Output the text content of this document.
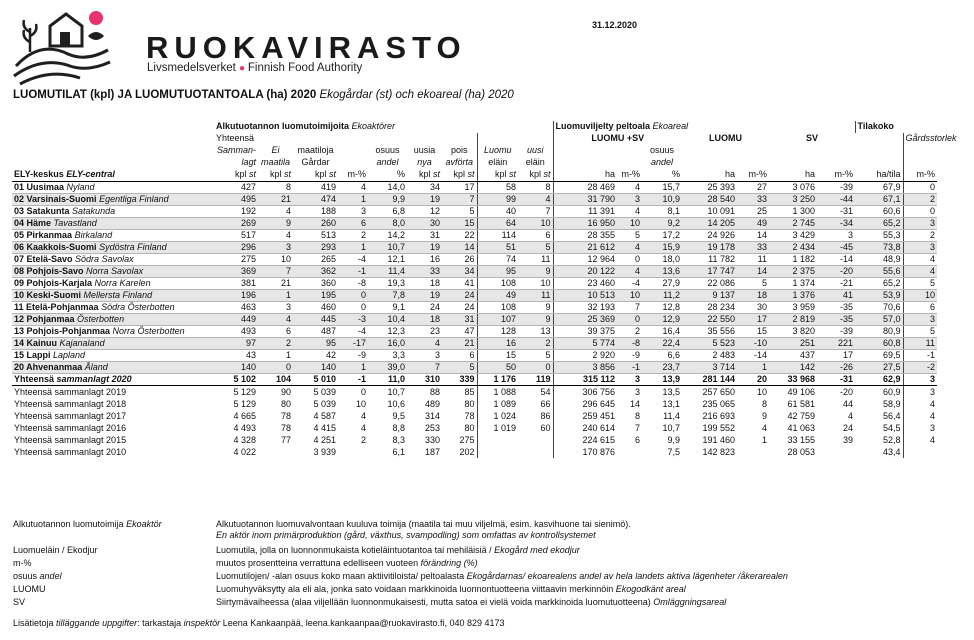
RUOKAVIRASTO
Livsmedelsverket ● Finnish Food Authority
31.12.2020
LUOMUTILAT (kpl) JA LUOMUTUOTANTOALA (ha) 2020 Ekogårdar (st) och ekoareal (ha) 2020
	Alkutuotannon luomutoimijoita Ekoaktörer									Luomuviljelty peltoala Ekoareal							Tilakoko		
	Yhteensä									LUOMU +SV			LUOMU		SV			Gårdsstorlek	
	Samman-	Ei	maatiloja		osuus	uusia	pois	Luomu	uusi			osuus							
	lagt	maatila	Gårdar		andel	nya	avförta	eläin	eläin			andel							
ELY-keskus ELY-central	kpl st	kpl st	kpl st	m-%	%	kpl st	kpl st	kpl st	kpl st	ha	m-%	%	ha	m-%	ha	m-%	ha/tila	m-%	
01 Uusimaa Nyland	427	8	419	4	14,0	34	17	58	8	28 469	4	15,7	25 393	27	3 076	-39	67,9	0	
02 Varsinais-Suomi Egentliga Finland	495	21	474	1	9,9	19	7	99	4	31 790	3	10,9	28 540	33	3 250	-44	67,1	2	
03 Satakunta Satakunda	192	4	188	3	6,8	12	5	40	7	11 391	4	8,1	10 091	25	1 300	-31	60,6	0	
04 Häme Tavastland	269	9	260	6	8,0	30	15	64	10	16 950	10	9,2	14 205	49	2 745	-34	65,2	3	
05 Pirkanmaa Birkaland	517	4	513	2	14,2	31	22	114	6	28 355	5	17,2	24 926	14	3 429	3	55,3	2	
06 Kaakkois-Suomi Sydöstra Finland	296	3	293	1	10,7	19	14	51	5	21 612	4	15,9	19 178	33	2 434	-45	73,8	3	
07 Etelä-Savo Södra Savolax	275	10	265	-4	12,1	16	26	74	11	12 964	0	18,0	11 782	11	1 182	-14	48,9	4	
08 Pohjois-Savo Norra Savolax	369	7	362	-1	11,4	33	34	95	9	20 122	4	13,6	17 747	14	2 375	-20	55,6	4	
09 Pohjois-Karjala Norra Karelen	381	21	360	-8	19,3	18	41	108	10	23 460	-4	27,9	22 086	5	1 374	-21	65,2	5	
10 Keski-Suomi Mellersta Finland	196	1	195	0	7,8	19	24	49	11	10 513	10	11,2	9 137	18	1 376	41	53,9	10	
11 Etelä-Pohjanmaa Södra Österbotten	463	3	460	0	9,1	24	24	108	9	32 193	7	12,8	28 234	30	3 959	-35	70,6	6	
12 Pohjanmaa Österbotten	449	4	445	-3	10,4	18	31	107	9	25 369	0	12,9	22 550	17	2 819	-35	57,0	3	
13 Pohjois-Pohjanmaa Norra Österbotten	493	6	487	-4	12,3	23	47	128	13	39 375	2	16,4	35 556	15	3 820	-39	80,9	5	
14 Kainuu Kajanaland	97	2	95	-17	16,0	4	21	16	2	5 774	-8	22,4	5 523	-10	251	221	60,8	11	
15 Lappi Lapland	43	1	42	-9	3,3	3	6	15	5	2 920	-9	6,6	2 483	-14	437	17	69,5	-1	
20 Ahvenanmaa Åland	140	0	140	1	39,0	7	5	50	0	3 856	-1	23,7	3 714	1	142	-26	27,5	-2	
Yhteensä sammanlagt 2020	5 102	104	5 010	-1	11,0	310	339	1 176	119	315 112	3	13,9	281 144	20	33 968	-31	62,9	3	
Yhteensä sammanlagt 2019	5 129	90	5 039	0	10,7	88	85	1 088	54	306 756	3	13,5	257 650	10	49 106	-20	60,9	3	
Yhteensä sammanlagt 2018	5 129	80	5 039	10	10,6	489	80	1 089	66	296 645	14	13,1	235 065	8	61 581	44	58,9	4	
Yhteensä sammanlagt 2017	4 665	78	4 587	4	9,5	314	78	1 024	86	259 451	8	11,4	216 693	9	42 759	4	56,4	4	
Yhteensä sammanlagt 2016	4 493	78	4 415	4	8,8	253	80	1 019	60	240 614	7	10,7	199 552	4	41 063	24	54,5	3	
Yhteensä sammanlagt 2015	4 328	77	4 251	2	8,3	330	275			224 615	6	9,9	191 460	1	33 155	39	52,8	4	
Yhteensä sammanlagt 2010	4 022		3 939		6,1	187	202			170 876		7,5	142 823		28 053		43,4		
Alkutuotannon luomutoimija Ekoaktör	Alkutuotannon luomuvalvontaan kuuluva toimija (maatila tai muu viljelmä, esim. kasvihuone tai sienimö).
En aktör inom primärproduktion (gård, växthus, svampodling) som omfattas av kontrollsystemet
Luomueläin / Ekodjur	Luomutila, jolla on luonnonmukaista kotieläintuotantoa tai mehiläisiä / Ekogård med ekodjur
m-%	muutos prosentteina verrattuna edelliseen vuoteen förändring (%)
osuus andel	Luomutilojen/ -alan osuus koko maan aktiivitiloista/ peltoalasta Ekogårdarnas/ ekoarealens andel av hela landets aktiva lägenheter /åkerarealen
LUOMU	Luomuhyväksytty ala eli ala, jonka sato voidaan markkinoida luonnontuotteena viittaavin merkinnöin Ekogodkänt areal
SV	Siirtymävaiheessa (alaa viljellään luonnonmukaisesti, mutta satoa ei vielä voida markkinoida luomutuotteena) Omläggningsareal
Lisätietoja tilläggande uppgifter: tarkastaja inspektör Leena Kankaanpää, leena.kankaanpaa@ruokavirasto.fi, 040 829 4173
